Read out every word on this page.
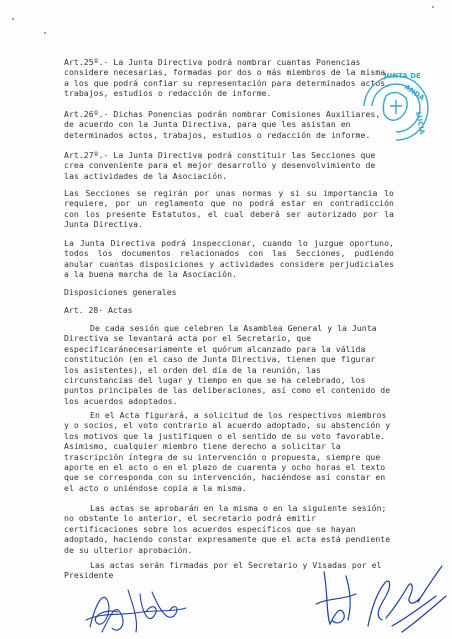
Art.25º.- La Junta Directiva podrá nombrar cuantas Ponencias considere necesarias, formadas por dos o más miembros de la misma, a los que podrá confiar su representación para determinados actos, trabajos, estudios o redacción de informe.
Art.26º.- Dichas Ponencias podrán nombrar Comisiones Auxiliares, de acuerdo con la Junta Directiva, para que les asistan en determinados actos, trabajos, estudios o redacción de informe.
Art.27º.- La Junta Directiva podrá constituir las Secciones que crea conveniente para el mejor desarrollo y desenvolvimiento de las actividades de la Asociación.
Las Secciones se regirán por unas normas y si su importancia lo requiere, por un reglamento que no podrá estar en contradicción con los presente Estatutos, el cual deberá ser autorizado por la Junta Directiva.
La Junta Directiva podrá inspeccionar, cuando lo juzgue oportuno, todos los documentos relacionados con las Secciones, pudiendo anular cuantas disposiciones y actividades considere perjudiciales a la buena marcha de la Asociación.
Disposiciones generales
Art. 28· Actas
De cada sesión que celebren la Asamblea General y la Junta Directiva se levantará acta por el Secretario, que especificaránecesariamente el quórum alcanzado para la válida constitución (en el caso de Junta Directiva, tienen que figurar los asistentes), el orden del día de la reunión, las circunstancias del lugar y tiempo en que se ha celebrado, los puntos principales de las deliberaciones, así como el contenido de los acuerdos adoptados.
En el Acta figurará, a solicitud de los respectivos miembros y o socios, el voto contrario al acuerdo adoptado, su abstención y los motivos que la justifiquen o el sentido de su voto favorable. Asimismo, cualquier miembro tiene derecho a solicitar la trascripción íntegra de su intervención o propuesta, siempre que aporte en el acto o en el plazo de cuarenta y ocho horas el texto que se corresponda con su intervención, haciéndose así constar en el acto o uniéndose copia a la misma.
Las actas se aprobarán en la misma o en la siguiente sesión; no obstante lo anterior, el secretario podrá emitir certificaciones sobre los acuerdos específicos que se hayan adoptado, haciendo constar expresamente que el acta está pendiente de su ulterior aprobación.
Las actas serán firmadas por el Secretario y Visadas por el Presidente
JUNTA DE
ANDA
LUCIA
